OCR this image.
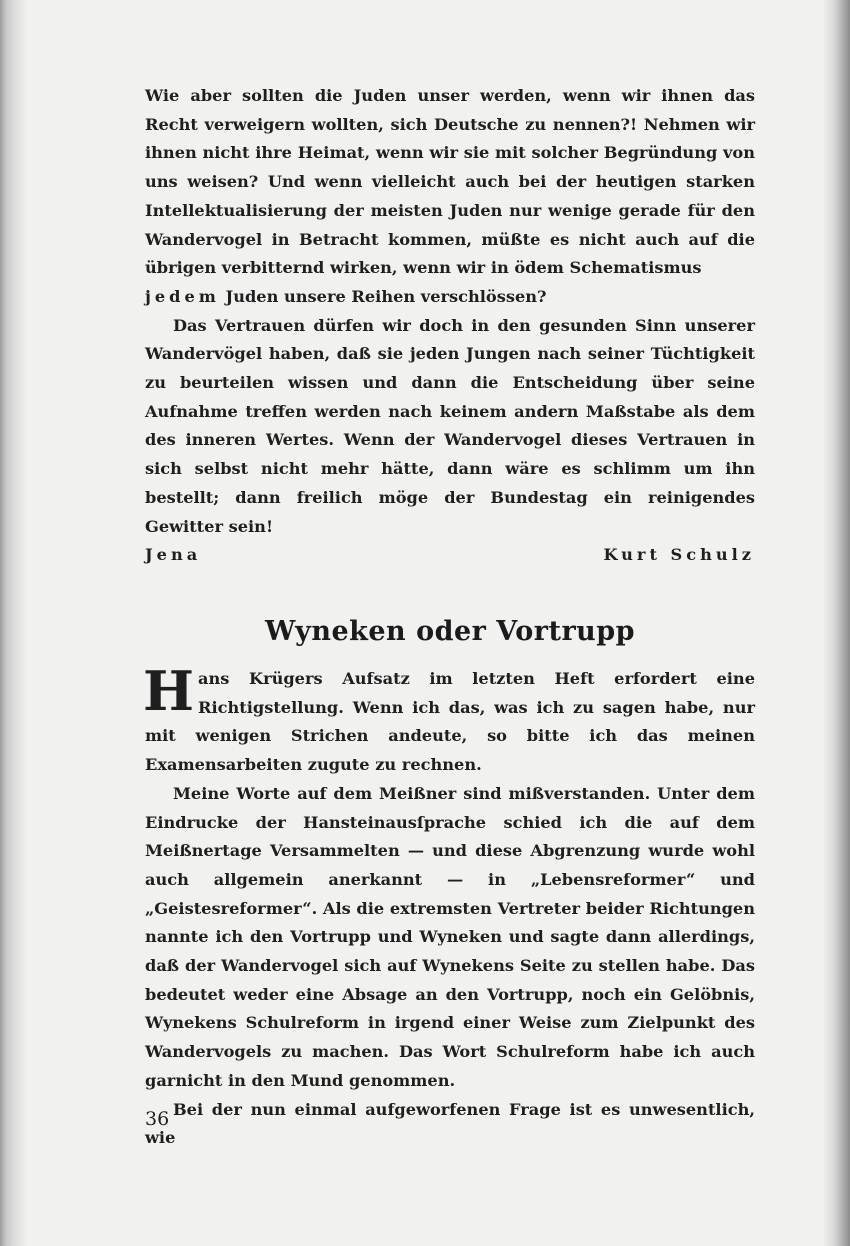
Wie aber sollten die Juden unser werden, wenn wir ihnen das Recht verweigern wollten, sich Deutsche zu nennen?! Nehmen wir ihnen nicht ihre Heimat, wenn wir sie mit solcher Begründung von uns weisen? Und wenn vielleicht auch bei der heutigen starken Intellektualisierung der meisten Juden nur wenige gerade für den Wandervogel in Betracht kommen, müßte es nicht auch auf die übrigen verbitternd wirken, wenn wir in ödem Schematismus
jedem Juden unsere Reihen verschlössen?

Das Vertrauen dürfen wir doch in den gesunden Sinn unserer Wandervögel haben, daß sie jeden Jungen nach seiner Tüchtigkeit zu beurteilen wissen und dann die Entscheidung über seine Aufnahme treffen werden nach keinem andern Maßstabe als dem des inneren Wertes. Wenn der Wandervogel dieses Vertrauen in sich selbst nicht mehr hätte, dann wäre es schlimm um ihn bestellt; dann freilich möge der Bundestag ein reinigendes Gewitter sein!

Jena	Kurt Schulz
Wyneken oder Vortrupp

Hans Krügers Aufsatz im letzten Heft erfordert eine Richtigstellung. Wenn ich das, was ich zu sagen habe, nur mit wenigen Strichen andeute, so bitte ich das meinen Examensarbeiten zugute zu rechnen.

Meine Worte auf dem Meißner sind mißverstanden. Unter dem Eindrucke der Hansteinausſprache schied ich die auf dem Meißnertage Versammelten — und diese Abgrenzung wurde wohl auch allgemein anerkannt — in „Lebensreformer“ und „Geistesreformer“. Als die extremsten Vertreter beider Richtungen nannte ich den Vortrupp und Wyneken und sagte dann allerdings, daß der Wandervogel sich auf Wynekens Seite zu stellen habe. Das bedeutet weder eine Absage an den Vortrupp, noch ein Gelöbnis, Wynekens Schulreform in irgend einer Weise zum Zielpunkt des Wandervogels zu machen. Das Wort Schulreform habe ich auch garnicht in den Mund genommen.

Bei der nun einmal aufgeworfenen Frage ist es unwesentlich, wie

36
